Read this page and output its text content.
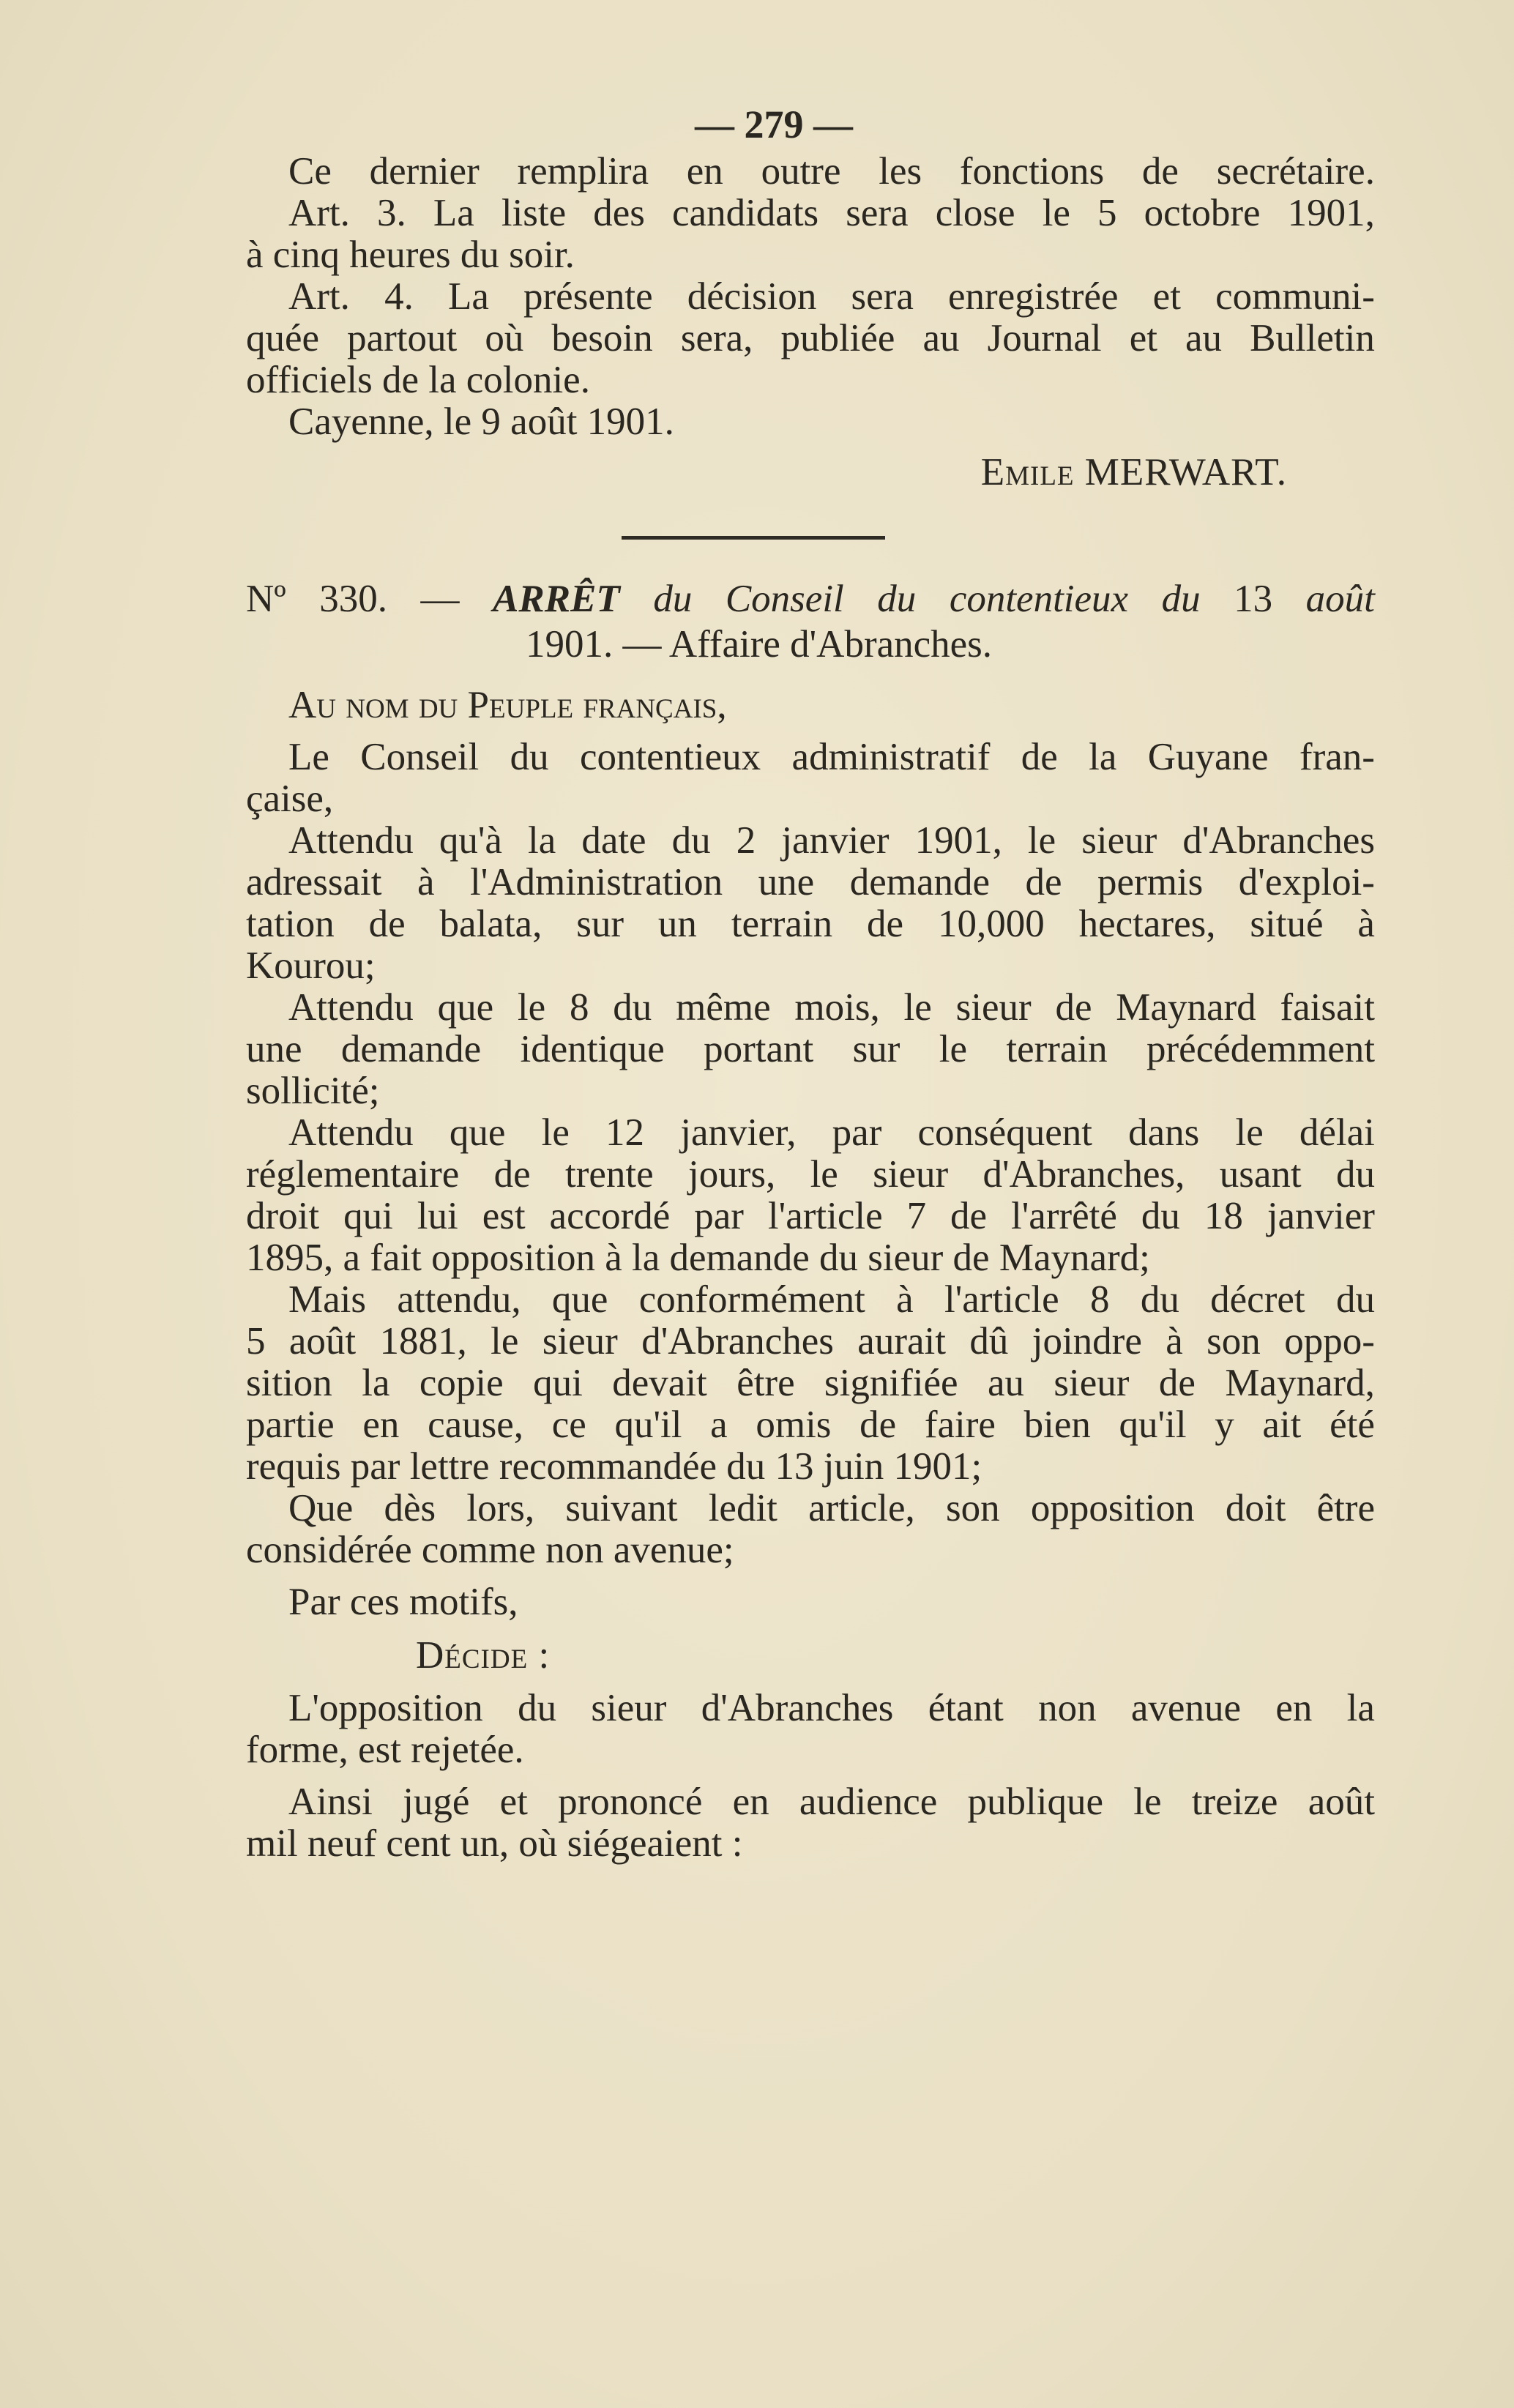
— 279 —
Ce dernier remplira en outre les fonctions de secrétaire.
Art. 3. La liste des candidats sera close le 5 octobre 1901,
à cinq heures du soir.
Art. 4. La présente décision sera enregistrée et communi-
quée partout où besoin sera, publiée au Journal et au Bulletin
officiels de la colonie.
Cayenne, le 9 août 1901.
Emile MERWART.
Nº 330. — ARRÊT du Conseil du contentieux du 13 août
1901. — Affaire d'Abranches.
Au nom du Peuple français,
Le Conseil du contentieux administratif de la Guyane fran-
çaise,
Attendu qu'à la date du 2 janvier 1901, le sieur d'Abranches
adressait à l'Administration une demande de permis d'exploi-
tation de balata, sur un terrain de 10,000 hectares, situé à
Kourou;
Attendu que le 8 du même mois, le sieur de Maynard faisait
une demande identique portant sur le terrain précédemment
sollicité;
Attendu que le 12 janvier, par conséquent dans le délai
réglementaire de trente jours, le sieur d'Abranches, usant du
droit qui lui est accordé par l'article 7 de l'arrêté du 18 janvier
1895, a fait opposition à la demande du sieur de Maynard;
Mais attendu, que conformément à l'article 8 du décret du
5 août 1881, le sieur d'Abranches aurait dû joindre à son oppo-
sition la copie qui devait être signifiée au sieur de Maynard,
partie en cause, ce qu'il a omis de faire bien qu'il y ait été
requis par lettre recommandée du 13 juin 1901;
Que dès lors, suivant ledit article, son opposition doit être
considérée comme non avenue;
Par ces motifs,
Décide :
L'opposition du sieur d'Abranches étant non avenue en la
forme, est rejetée.
Ainsi jugé et prononcé en audience publique le treize août
mil neuf cent un, où siégeaient :
